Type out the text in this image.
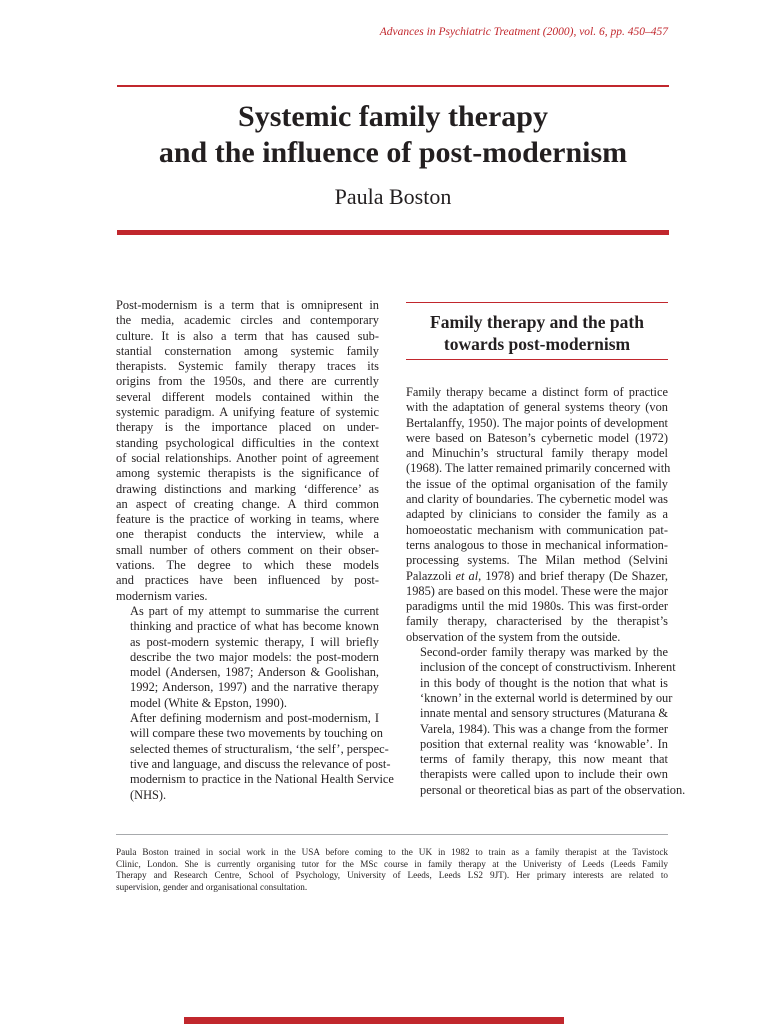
Advances in Psychiatric Treatment (2000), vol. 6, pp. 450–457
Systemic family therapy
and the influence of post-modernism
Paula Boston

Post-modernism is a term that is omnipresent in
the media, academic circles and contemporary
culture. It is also a term that has caused sub-
stantial consternation among systemic family
therapists. Systemic family therapy traces its
origins from the 1950s, and there are currently
several different models contained within the
systemic paradigm. A unifying feature of systemic
therapy is the importance placed on under-
standing psychological difficulties in the context
of social relationships. Another point of agreement
among systemic therapists is the significance of
drawing distinctions and marking ‘difference’ as
an aspect of creating change. A third common
feature is the practice of working in teams, where
one therapist conducts the interview, while a
small number of others comment on their obser-
vations. The degree to which these models
and practices have been influenced by post-
modernism varies.

As part of my attempt to summarise the current
thinking and practice of what has become known
as post-modern systemic therapy, I will briefly
describe the two major models: the post-modern
model (Andersen, 1987; Anderson & Goolishan,
1992; Anderson, 1997) and the narrative therapy
model (White & Epston, 1990).

After defining modernism and post-modernism, I
will compare these two movements by touching on
selected themes of structuralism, ‘the self’, perspec-
tive and language, and discuss the relevance of post-
modernism to practice in the National Health Service
(NHS).

Family therapy and the path
towards post-modernism

Family therapy became a distinct form of practice
with the adaptation of general systems theory (von
Bertalanffy, 1950). The major points of development
were based on Bateson’s cybernetic model (1972)
and Minuchin’s structural family therapy model
(1968). The latter remained primarily concerned with
the issue of the optimal organisation of the family
and clarity of boundaries. The cybernetic model was
adapted by clinicians to consider the family as a
homoeostatic mechanism with communication pat-
terns analogous to those in mechanical information-
processing systems. The Milan method (Selvini
Palazzoli et al, 1978) and brief therapy (De Shazer,
1985) are based on this model. These were the major
paradigms until the mid 1980s. This was first-order
family therapy, characterised by the therapist’s
observation of the system from the outside.

Second-order family therapy was marked by the
inclusion of the concept of constructivism. Inherent
in this body of thought is the notion that what is
‘known’ in the external world is determined by our
innate mental and sensory structures (Maturana &
Varela, 1984). This was a change from the former
position that external reality was ‘knowable’. In
terms of family therapy, this now meant that
therapists were called upon to include their own
personal or theoretical bias as part of the observation.

Paula Boston trained in social work in the USA before coming to the UK in 1982 to train as a family therapist at the Tavistock
Clinic, London. She is currently organising tutor for the MSc course in family therapy at the Univeristy of Leeds (Leeds Family
Therapy and Research Centre, School of Psychology, University of Leeds, Leeds LS2 9JT). Her primary interests are related to
supervision, gender and organisational consultation.
